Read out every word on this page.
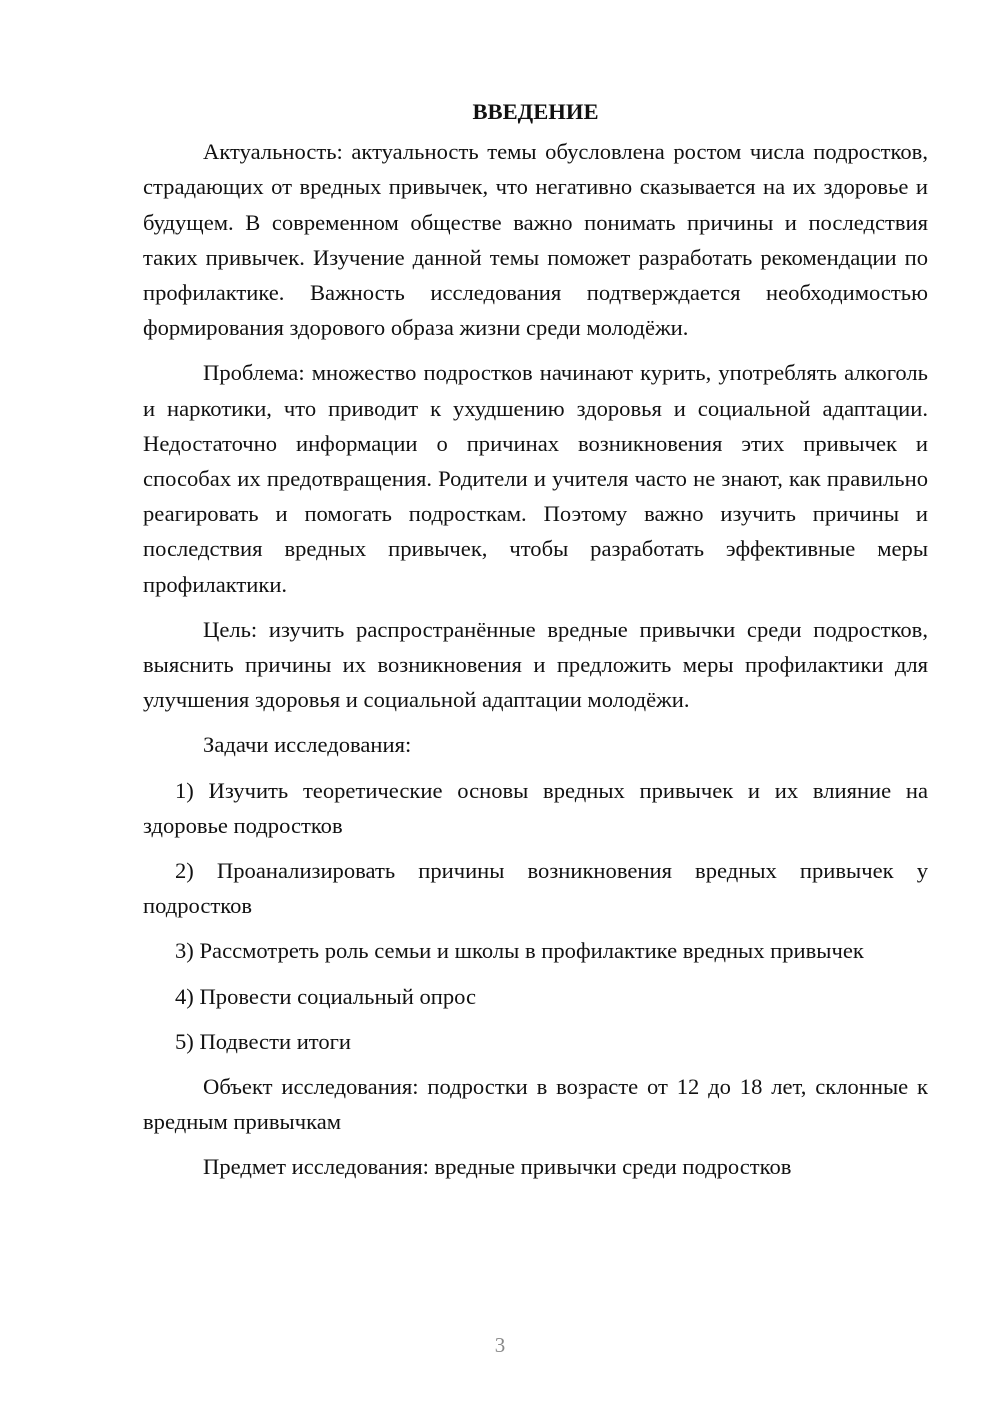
ВВЕДЕНИЕ

Актуальность: актуальность темы обусловлена ростом числа подростков, страдающих от вредных привычек, что негативно сказывается на их здоровье и будущем. В современном обществе важно понимать причины и последствия таких привычек. Изучение данной темы поможет разработать рекомендации по профилактике. Важность исследования подтверждается необходимостью формирования здорового образа жизни среди молодёжи.

Проблема: множество подростков начинают курить, употреблять алкоголь и наркотики, что приводит к ухудшению здоровья и социальной адаптации. Недостаточно информации о причинах возникновения этих привычек и способах их предотвращения. Родители и учителя часто не знают, как правильно реагировать и помогать подросткам. Поэтому важно изучить причины и последствия вредных привычек, чтобы разработать эффективные меры профилактики.

Цель: изучить распространённые вредные привычки среди подростков, выяснить причины их возникновения и предложить меры профилактики для улучшения здоровья и социальной адаптации молодёжи.

Задачи исследования:

1) Изучить теоретические основы вредных привычек и их влияние на здоровье подростков

2) Проанализировать причины возникновения вредных привычек у подростков

3) Рассмотреть роль семьи и школы в профилактике вредных привычек

4) Провести социальный опрос

5) Подвести итоги

Объект исследования: подростки в возрасте от 12 до 18 лет, склонные к вредным привычкам

Предмет исследования: вредные привычки среди подростков

3
